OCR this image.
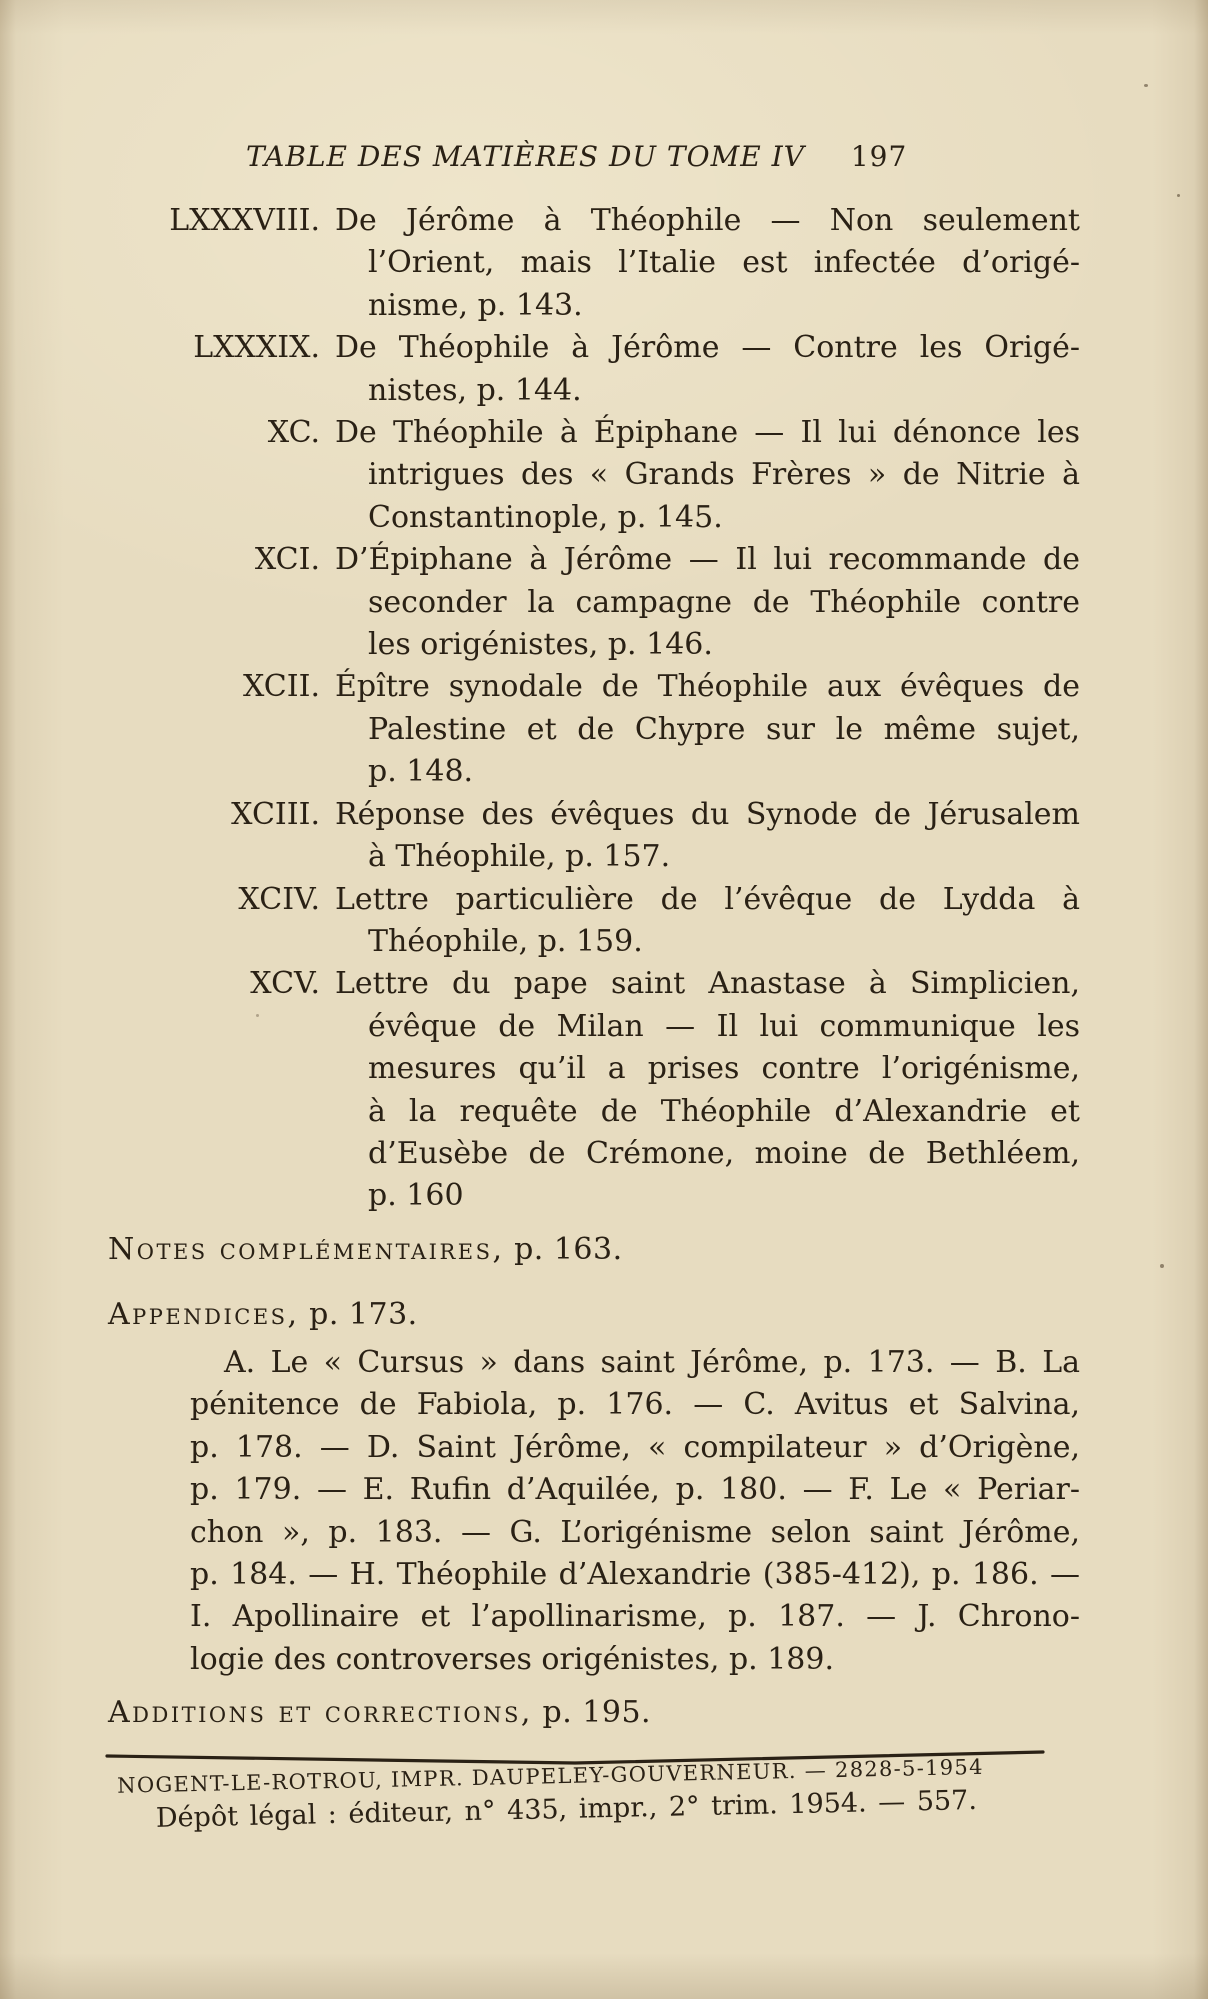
TABLE DES MATIÈRES DU TOME IV 197
LXXXVIII. De Jérôme à Théophile — Non seulement
l’Orient, mais l’Italie est infectée d’origé-
nisme, p. 143.
LXXXIX. De Théophile à Jérôme — Contre les Origé-
nistes, p. 144.
XC. De Théophile à Épiphane — Il lui dénonce les
intrigues des « Grands Frères » de Nitrie à
Constantinople, p. 145.
XCI. D’Épiphane à Jérôme — Il lui recommande de
seconder la campagne de Théophile contre
les origénistes, p. 146.
XCII. Épître synodale de Théophile aux évêques de
Palestine et de Chypre sur le même sujet,
p. 148.
XCIII. Réponse des évêques du Synode de Jérusalem
à Théophile, p. 157.
XCIV. Lettre particulière de l’évêque de Lydda à
Théophile, p. 159.
XCV. Lettre du pape saint Anastase à Simplicien,
évêque de Milan — Il lui communique les
mesures qu’il a prises contre l’origénisme,
à la requête de Théophile d’Alexandrie et
d’Eusèbe de Crémone, moine de Bethléem,
p. 160
Notes complémentaires, p. 163.
Appendices, p. 173.
A. Le « Cursus » dans saint Jérôme, p. 173. — B. La
pénitence de Fabiola, p. 176. — C. Avitus et Salvina,
p. 178. — D. Saint Jérôme, « compilateur » d’Origène,
p. 179. — E. Rufin d’Aquilée, p. 180. — F. Le « Periar-
chon », p. 183. — G. L’origénisme selon saint Jérôme,
p. 184. — H. Théophile d’Alexandrie (385-412), p. 186. —
I. Apollinaire et l’apollinarisme, p. 187. — J. Chrono-
logie des controverses origénistes, p. 189.
Additions et corrections, p. 195.
NOGENT-LE-ROTROU, IMPR. DAUPELEY-GOUVERNEUR. — 2828-5-1954
Dépôt légal : éditeur, n° 435, impr., 2° trim. 1954. — 557.
